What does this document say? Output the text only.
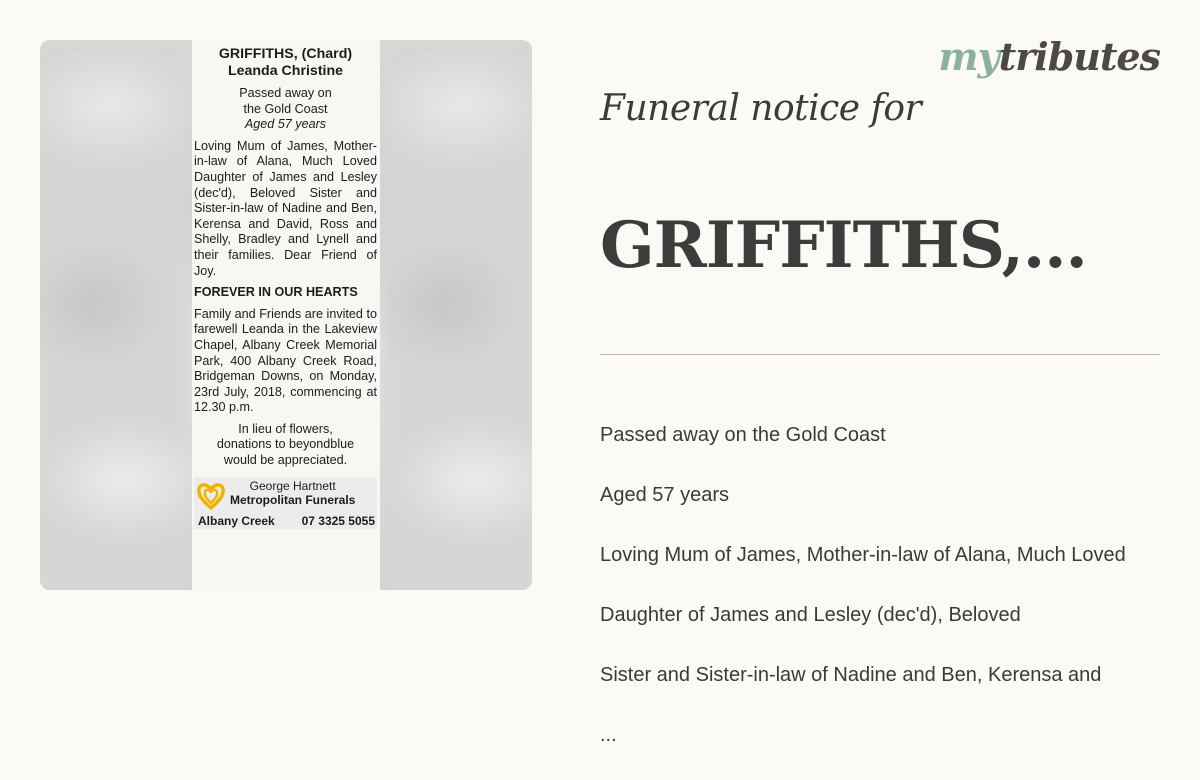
GRIFFITHS, (Chard)

Leanda Christine

Passed away on

the Gold Coast

Aged 57 years

Loving Mum of James, Mother-in-law of Alana, Much Loved Daughter of James and Lesley (dec'd), Beloved Sister and Sister-in-law of Nadine and Ben, Kerensa and David, Ross and Shelly, Bradley and Lynell and their families. Dear Friend of Joy.

FOREVER IN OUR HEARTS

Family and Friends are invited to farewell Leanda in the Lakeview Chapel, Albany Creek Memorial Park, 400 Albany Creek Road, Bridgeman Downs, on Monday, 23rd July, 2018, commencing at 12.30 p.m.

In lieu of flowers,

donations to beyondblue

would be appreciated.

George Hartnett
Metropolitan Funerals
Albany Creek 07 3325 5055
mytributes

Funeral notice for

GRIFFITHS,...

Passed away on the Gold Coast

Aged 57 years

Loving Mum of James, Mother-in-law of Alana, Much Loved

Daughter of James and Lesley (dec'd), Beloved

Sister and Sister-in-law of Nadine and Ben, Kerensa and

...
